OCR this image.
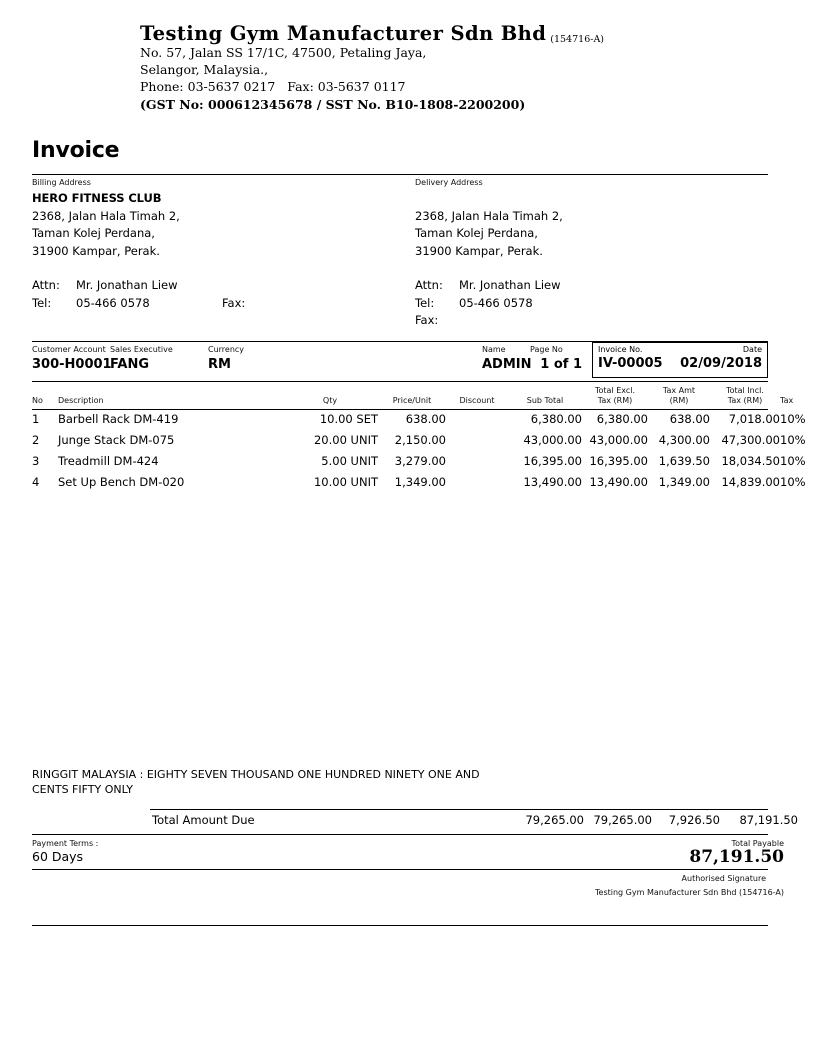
Testing Gym Manufacturer Sdn Bhd (154716-A)
No. 57, Jalan SS 17/1C, 47500, Petaling Jaya,
Selangor, Malaysia.,
Phone: 03-5637 0217   Fax: 03-5637 0117
(GST No: 000612345678 / SST No. B10-1808-2200200)
Invoice
Billing Address
HERO FITNESS CLUB
2368, Jalan Hala Timah 2,
Taman Kolej Perdana,
31900 Kampar, Perak.
Attn: Mr. Jonathan Liew
Tel: 05-466 0578	Fax:
Delivery Address

2368, Jalan Hala Timah 2,
Taman Kolej Perdana,
31900 Kampar, Perak.
Attn: Mr. Jonathan Liew
Tel: 05-466 0578
Fax:
Customer Account
300-H0001
Sales Executive
FANG
Currency
RM
Name
ADMIN
Page No
1 of 1
Invoice No.	Date
IV-00005 02/09/2018
No	Description	Qty	Price/Unit	Discount	Sub Total	Total Excl.
Tax (RM)	Tax Amt
(RM)	Total Incl.
Tax (RM)	Tax
1	Barbell Rack DM-419	10.00 SET	638.00		6,380.00	6,380.00	638.00	7,018.00	10%
2	Junge Stack DM-075	20.00 UNIT	2,150.00		43,000.00	43,000.00	4,300.00	47,300.00	10%
3	Treadmill DM-424	5.00 UNIT	3,279.00		16,395.00	16,395.00	1,639.50	18,034.50	10%
4	Set Up Bench DM-020	10.00 UNIT	1,349.00		13,490.00	13,490.00	1,349.00	14,839.00	10%
RINGGIT MALAYSIA : EIGHTY SEVEN THOUSAND ONE HUNDRED NINETY ONE AND
CENTS FIFTY ONLY
Total Amount Due	79,265.00 79,265.00	7,926.50	87,191.50
Payment Terms :
60 Days
Total Payable
87,191.50
Authorised Signature
Testing Gym Manufacturer Sdn Bhd (154716-A)
